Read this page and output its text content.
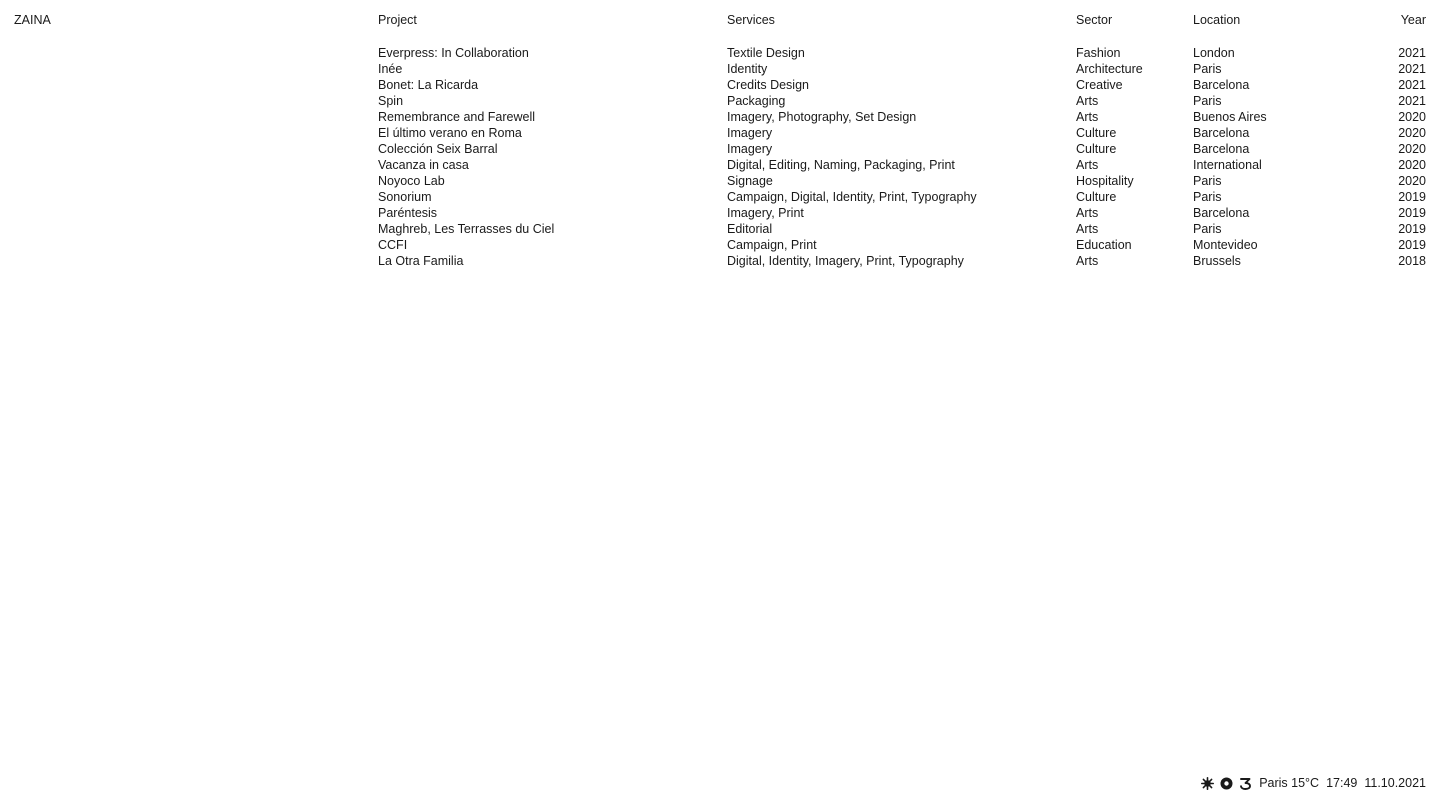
ZAINA	Project	Services	Sector	Location	Year
Everpress: In Collaboration	Textile Design	Fashion	London	2021
Inée	Identity	Architecture	Paris	2021
Bonet: La Ricarda	Credits Design	Creative	Barcelona	2021
Spin	Packaging	Arts	Paris	2021
Remembrance and Farewell	Imagery, Photography, Set Design	Arts	Buenos Aires	2020
El último verano en Roma	Imagery	Culture	Barcelona	2020
Colección Seix Barral	Imagery	Culture	Barcelona	2020
Vacanza in casa	Digital, Editing, Naming, Packaging, Print	Arts	International	2020
Noyoco Lab	Signage	Hospitality	Paris	2020
Sonorium	Campaign, Digital, Identity, Print, Typography	Culture	Paris	2019
Paréntesis	Imagery, Print	Arts	Barcelona	2019
Maghreb, Les Terrasses du Ciel	Editorial	Arts	Paris	2019
CCFI	Campaign, Print	Education	Montevideo	2019
La Otra Familia	Digital, Identity, Imagery, Print, Typography	Arts	Brussels	2018
Paris 15°C 17:49 11.10.2021
